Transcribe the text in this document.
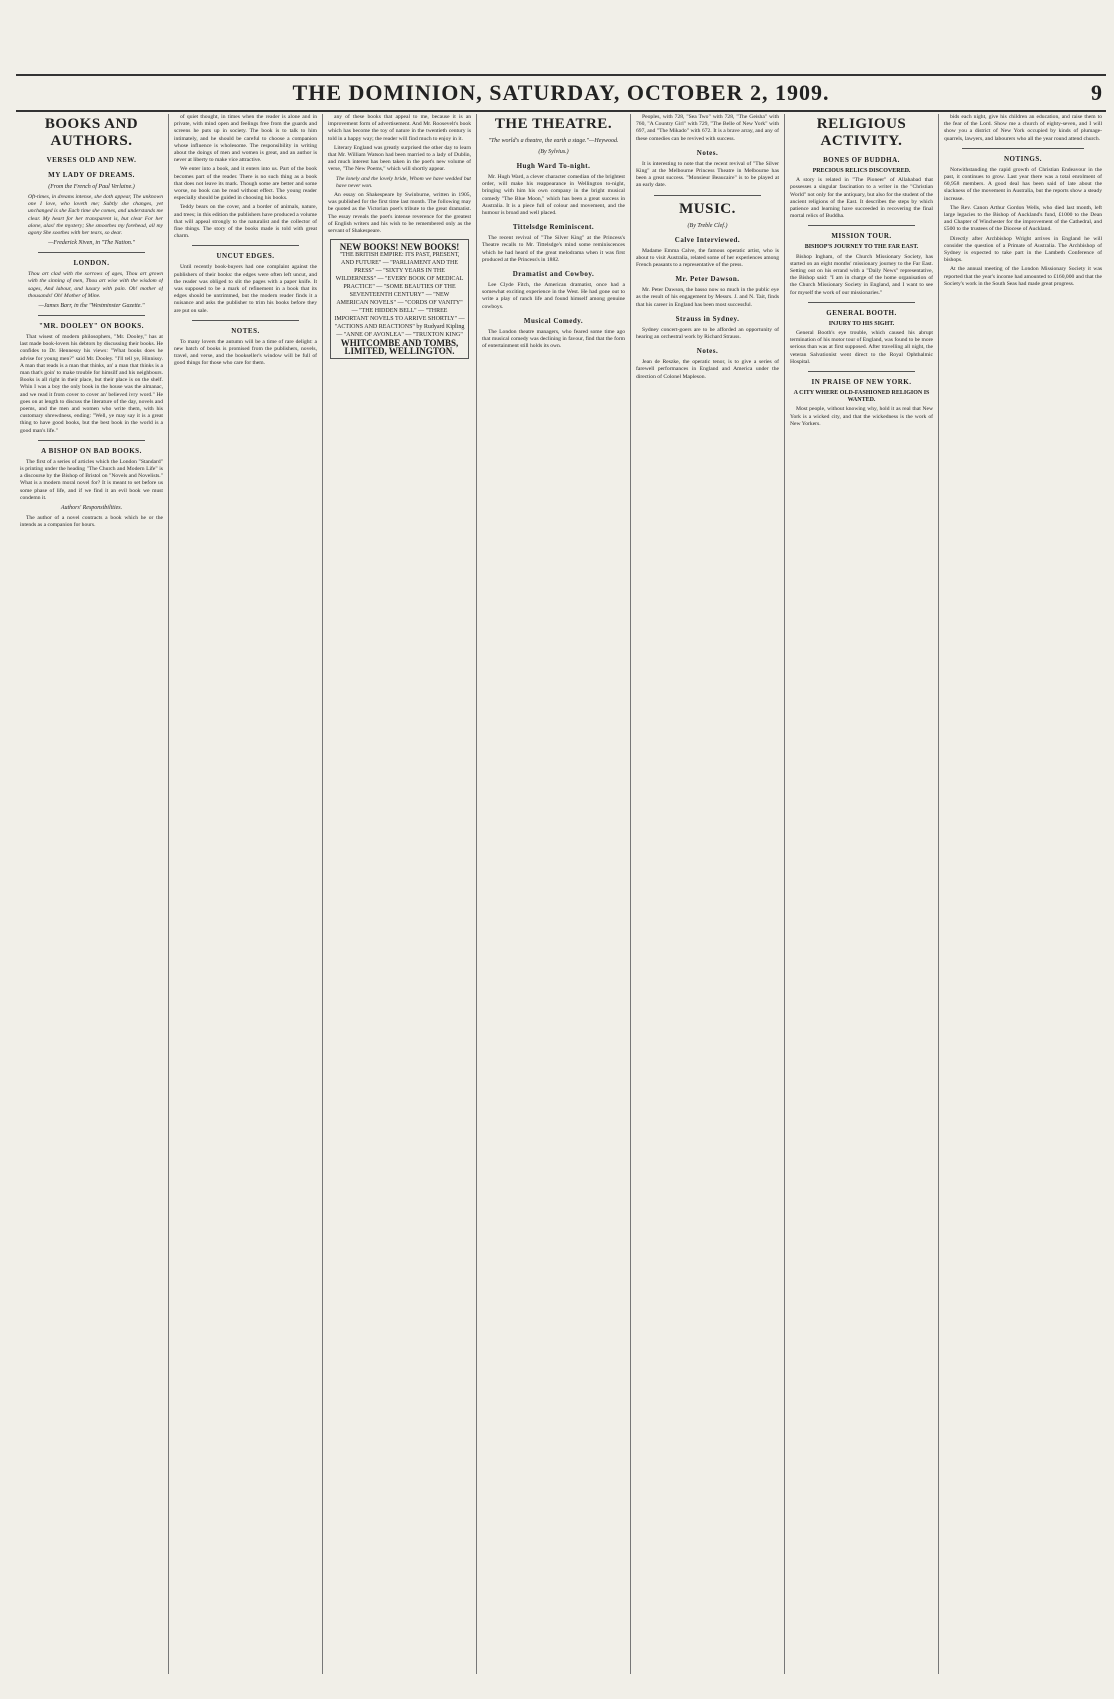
THE DOMINION, SATURDAY, OCTOBER 2, 1909.	9
BOOKS AND AUTHORS.
VERSES OLD AND NEW.
MY LADY OF DREAMS.
(From the French of Paul Verlaine.)

Oft-times, in dreams intense, she doth appear, The unknown one I love, who loveth me; Subtly she changes, yet unchanged is she Each time she comes, and understands me clear. My heart for her transparent is, but clear For her alone, alas! the mystery; She smoothes my forehead, all my agony She soothes with her tears, so dear.

—Frederick Niven, in "The Nation."
LONDON.

Thou art clad with the sorrows of ages, Thou art grown with the sinning of men, Thou art wise with the wisdom of sages, And labour, and luxury with pain. Oh! mother of thousands! Oh! Mother of Mine.

—James Barr, in the "Westminster Gazette."
"MR. DOOLEY" ON BOOKS.

That wisest of modern philosophers, "Mr. Dooley," has at last made book-lovers his debtors by discussing their books. He confides to Dr. Hennessy his views: "What books does he advise for young men?" said Mr. Dooley. "I'll tell ye, Hinnissy. A man that reads is a man that thinks, an' a man that thinks is a man that's goin' to make trouble for himsilf and his neighbours. Books is all right in their place, but their place is on the shelf. Whin I was a boy the only book in the house was the almanac, and we read it from cover to cover an' believed ivry word." He goes on at length to discuss the literature of the day, novels and poems, and the men and women who write them, with his customary shrewdness, ending: "Well, ye may say it is a great thing to have good books, but the best book in the world is a good man's life."

A BISHOP ON BAD BOOKS.

The first of a series of articles which the London "Standard" is printing under the heading "The Church and Modern Life" is a discourse by the Bishop of Bristol on "Novels and Novelists." What is a modern moral novel for? It is meant to set before us some phase of life, and if we find it an evil book we must condemn it.

Authors' Responsibilities.

The author of a novel contracts a book which he or the intends as a companion for hours.

of quiet thought, in times when the reader is alone and in private, with mind open and feelings free from the guards and screens he puts up in society. The book is to talk to him intimately, and he should be careful to choose a companion whose influence is wholesome. The responsibility in writing about the doings of men and women is great, and an author is never at liberty to make vice attractive.

We enter into a book, and it enters into us. Part of the book becomes part of the reader. There is no such thing as a book that does not leave its mark. Though some are better and some worse, no book can be read without effect. The young reader especially should be guided in choosing his books.

Teddy bears on the cover, and a border of animals, nature, and trees; in this edition the publishers have produced a volume that will appeal strongly to the naturalist and the collector of fine things. The story of the books made is told with great charm.

UNCUT EDGES.

Until recently book-buyers had one complaint against the publishers of their books: the edges were often left uncut, and the reader was obliged to slit the pages with a paper knife. It was supposed to be a mark of refinement in a book that its edges should be untrimmed, but the modern reader finds it a nuisance and asks the publisher to trim his books before they are put on sale.

NOTES.

To many lovers the autumn will be a time of rare delight: a new batch of books is promised from the publishers, novels, travel, and verse, and the bookseller's window will be full of good things for those who care for them.

any of these books that appeal to me, because it is an improvement form of advertisement. And Mr. Roosevelt's book which has become the toy of nature in the twentieth century is told in a happy way; the reader will find much to enjoy in it.

Literary England was greatly surprised the other day to learn that Mr. William Watson had been married to a lady of Dublin, and much interest has been taken in the poet's new volume of verse, "The New Poems," which will shortly appear.

The lonely and the lovely bride, Whom we have wedded but have never won.

An essay on Shakespeare by Swinburne, written in 1905, was published for the first time last month. The following may be quoted as the Victorian poet's tribute to the great dramatist. The essay reveals the poet's intense reverence for the greatest of English writers and his wish to be remembered only as the servant of Shakespeare.

NEW BOOKS! NEW BOOKS!
"THE BRITISH EMPIRE: ITS PAST, PRESENT, AND FUTURE" — "PARLIAMENT AND THE PRESS" — "SIXTY YEARS IN THE WILDERNESS" — "EVERY BOOK OF MEDICAL PRACTICE" — "SOME BEAUTIES OF THE SEVENTEENTH CENTURY" — "NEW AMERICAN NOVELS" — "CORDS OF VANITY" — "THE HIDDEN BELL" — "THREE IMPORTANT NOVELS TO ARRIVE SHORTLY" — "ACTIONS AND REACTIONS" by Rudyard Kipling — "ANNE OF AVONLEA" — "TRUXTON KING"
WHITCOMBE AND TOMBS, LIMITED, WELLINGTON.
THE THEATRE.
"The world's a theatre, the earth a stage."—Heywood.
(By Sylvius.)
Hugh Ward To-night.

Mr. Hugh Ward, a clever character comedian of the brightest order, will make his reappearance in Wellington to-night, bringing with him his own company in the bright musical comedy "The Blue Moon," which has been a great success in Australia. It is a piece full of colour and movement, and the humour is broad and well placed.

Tittelsdge Reminiscent.

The recent revival of "The Silver King" at the Princess's Theatre recalls to Mr. Tittelsdge's mind some reminiscences which he had heard of the great melodrama when it was first produced at the Princess's in 1882.

Dramatist and Cowboy.

Lee Clyde Fitch, the American dramatist, once had a somewhat exciting experience in the West. He had gone out to write a play of ranch life and found himself among genuine cowboys.

Musical Comedy.

The London theatre managers, who feared some time ago that musical comedy was declining in favour, find that the form of entertainment still holds its own.

Peoples, with 728, "Sea Two" with 728, "The Geisha" with 760, "A Country Girl" with 729, "The Belle of New York" with 697, and "The Mikado" with 672. It is a brave array, and any of these comedies can be revived with success.

Notes.

It is interesting to note that the recent revival of "The Silver King" at the Melbourne Princess Theatre in Melbourne has been a great success. "Monsieur Beaucaire" is to be played at an early date.

MUSIC.
(By Treble Clef.)
Calve Interviewed.

Madame Emma Calve, the famous operatic artist, who is about to visit Australia, related some of her experiences among French peasants to a representative of the press.

Mr. Peter Dawson.

Mr. Peter Dawson, the basso now so much in the public eye as the result of his engagement by Messrs. J. and N. Tait, finds that his career in England has been most successful.

Strauss in Sydney.

Sydney concert-goers are to be afforded an opportunity of hearing an orchestral work by Richard Strauss.

Notes.

Jean de Reszke, the operatic tenor, is to give a series of farewell performances in England and America under the direction of Colonel Mapleson.

RELIGIOUS ACTIVITY.
BONES OF BUDDHA.
PRECIOUS RELICS DISCOVERED.

A story is related in "The Pioneer" of Allahabad that possesses a singular fascination to a writer in the "Christian World" not only for the antiquary, but also for the student of the ancient religions of the East. It describes the steps by which patience and learning have succeeded in recovering the final mortal relics of Buddha.

MISSION TOUR.
BISHOP'S JOURNEY TO THE FAR EAST.

Bishop Ingham, of the Church Missionary Society, has started on an eight months' missionary journey to the Far East. Setting out on his errand with a "Daily News" representative, the Bishop said: "I am in charge of the home organisation of the Church Missionary Society in England, and I want to see for myself the work of our missionaries."

GENERAL BOOTH.
INJURY TO HIS SIGHT.

General Booth's eye trouble, which caused his abrupt termination of his motor tour of England, was found to be more serious than was at first supposed. After travelling all night, the veteran Salvationist went direct to the Royal Ophthalmic Hospital.

IN PRAISE OF NEW YORK.
A CITY WHERE OLD-FASHIONED RELIGION IS WANTED.

Most people, without knowing why, hold it as real that New York is a wicked city, and that the wickedness is the work of New Yorkers.

bids each night, give his children an education, and raise them to the fear of the Lord. Show me a church of eighty-seven, and I will show you a district of New York occupied by kinds of plumage-quarrels, lawyers, and labourers who all the year round attend church.

NOTINGS.

Notwithstanding the rapid growth of Christian Endeavour in the past, it continues to grow. Last year there was a total enrolment of 60,958 members. A good deal has been said of late about the slackness of the movement in Australia, but the reports show a steady increase.

The Rev. Canon Arthur Gordon Wells, who died last month, left large legacies to the Bishop of Auckland's fund, £1000 to the Dean and Chapter of Winchester for the improvement of the Cathedral, and £500 to the trustees of the Diocese of Auckland.

Directly after Archbishop Wright arrives in England he will consider the question of a Primate of Australia. The Archbishop of Sydney is expected to take part in the Lambeth Conference of bishops.

At the annual meeting of the London Missionary Society it was reported that the year's income had amounted to £160,000 and that the Society's work in the South Seas had made great progress.
